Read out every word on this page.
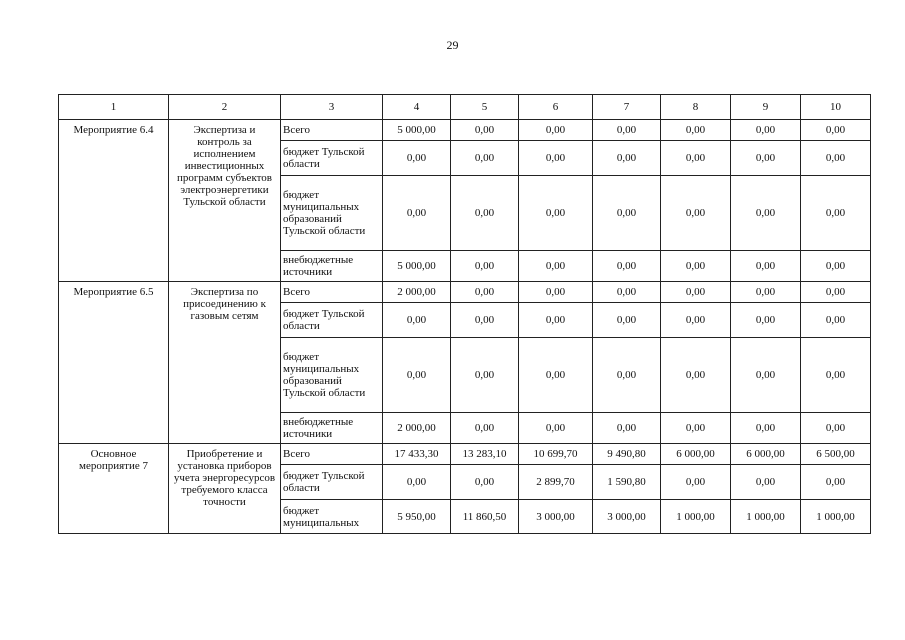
29
1	2	3	4	5	6	7	8	9	10
Мероприятие 6.4	Экспертиза и контроль за исполнением инвестиционных программ субъектов электроэнергетики Тульской области	Всего	5 000,00	0,00	0,00	0,00	0,00	0,00	0,00
		бюджет Тульской области	0,00	0,00	0,00	0,00	0,00	0,00	0,00
		бюджет муниципальных образований Тульской области	0,00	0,00	0,00	0,00	0,00	0,00	0,00
		внебюджетные источники	5 000,00	0,00	0,00	0,00	0,00	0,00	0,00
Мероприятие 6.5	Экспертиза по присоединению к газовым сетям	Всего	2 000,00	0,00	0,00	0,00	0,00	0,00	0,00
		бюджет Тульской области	0,00	0,00	0,00	0,00	0,00	0,00	0,00
		бюджет муниципальных образований Тульской области	0,00	0,00	0,00	0,00	0,00	0,00	0,00
		внебюджетные источники	2 000,00	0,00	0,00	0,00	0,00	0,00	0,00
Основное мероприятие 7	Приобретение и установка приборов учета энергоресурсов требуемого класса точности	Всего	17 433,30	13 283,10	10 699,70	9 490,80	6 000,00	6 000,00	6 500,00
		бюджет Тульской области	0,00	0,00	2 899,70	1 590,80	0,00	0,00	0,00
		бюджет муниципальных	5 950,00	11 860,50	3 000,00	3 000,00	1 000,00	1 000,00	1 000,00
